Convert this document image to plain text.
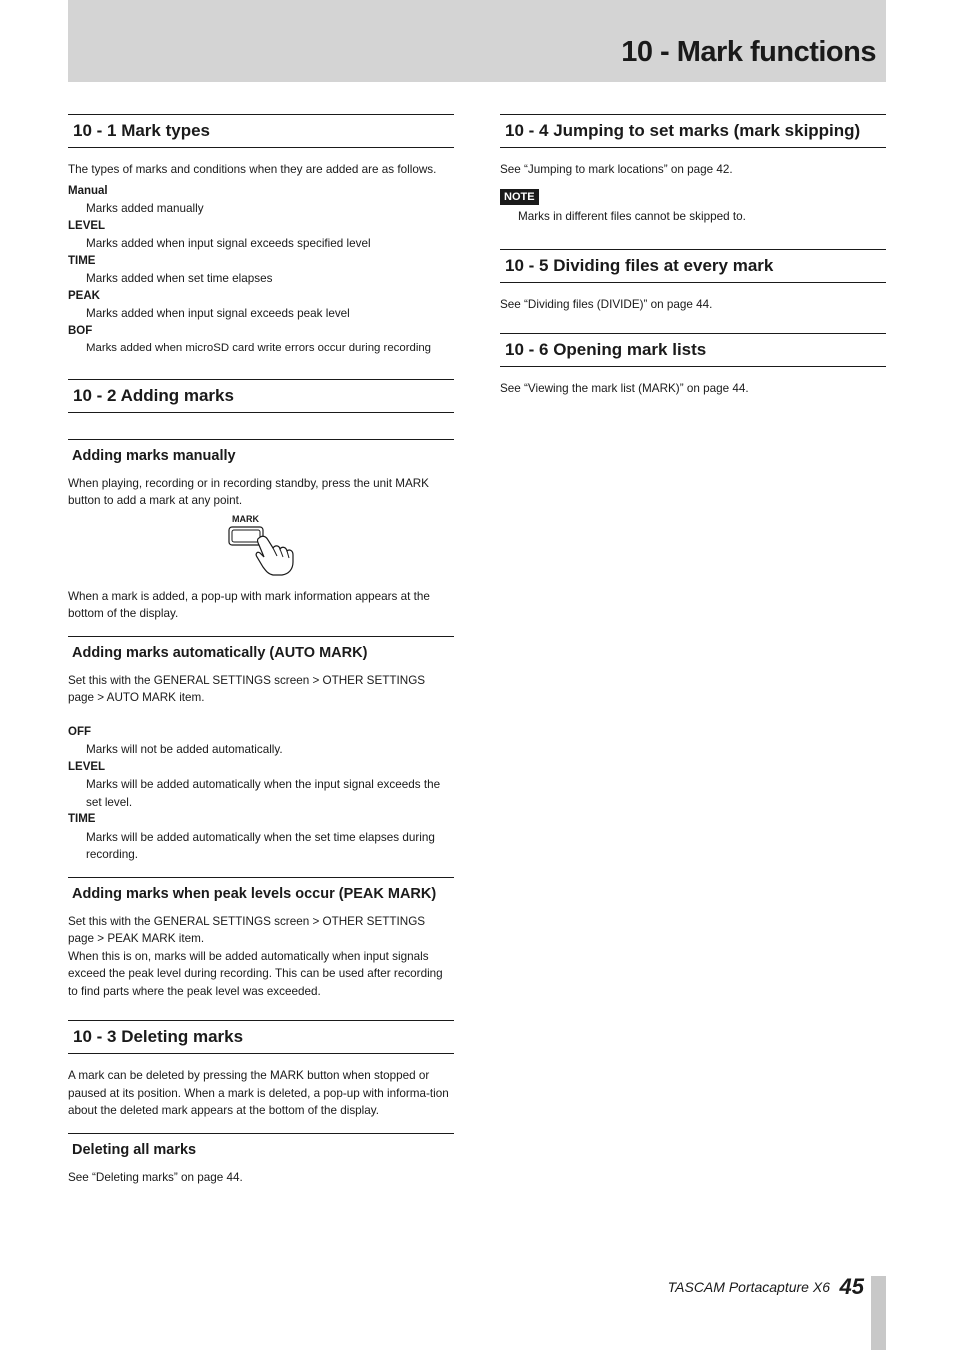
10 - Mark functions
10 - 1 Mark types

The types of marks and conditions when they are added are as follows.

Manual

Marks added manually

LEVEL

Marks added when input signal exceeds specified level

TIME

Marks added when set time elapses

PEAK

Marks added when input signal exceeds peak level

BOF

Marks added when microSD card write errors occur during recording

10 - 2 Adding marks
Adding marks manually

When playing, recording or in recording standby, press the unit MARK button to add a mark at any point.

MARK

When a mark is added, a pop-up with mark information appears at the bottom of the display.

Adding marks automatically (AUTO MARK)

Set this with the GENERAL SETTINGS screen > OTHER SETTINGS page > AUTO MARK item.

OFF

Marks will not be added automatically.

LEVEL

Marks will be added automatically when the input signal exceeds the set level.

TIME

Marks will be added automatically when the set time elapses during recording.

Adding marks when peak levels occur (PEAK MARK)

Set this with the GENERAL SETTINGS screen > OTHER SETTINGS page > PEAK MARK item.

When this is on, marks will be added automatically when input signals exceed the peak level during recording. This can be used after recording to find parts where the peak level was exceeded.

10 - 3 Deleting marks

A mark can be deleted by pressing the MARK button when stopped or paused at its position. When a mark is deleted, a pop-up with informa-tion about the deleted mark appears at the bottom of the display.

Deleting all marks

See “Deleting marks” on page 44.

10 - 4 Jumping to set marks (mark skipping)

See “Jumping to mark locations” on page 42.

NOTE

Marks in different files cannot be skipped to.

10 - 5 Dividing files at every mark

See “Dividing files (DIVIDE)” on page 44.

10 - 6 Opening mark lists

See “Viewing the mark list (MARK)” on page 44.

TASCAM Portacapture X6 45
